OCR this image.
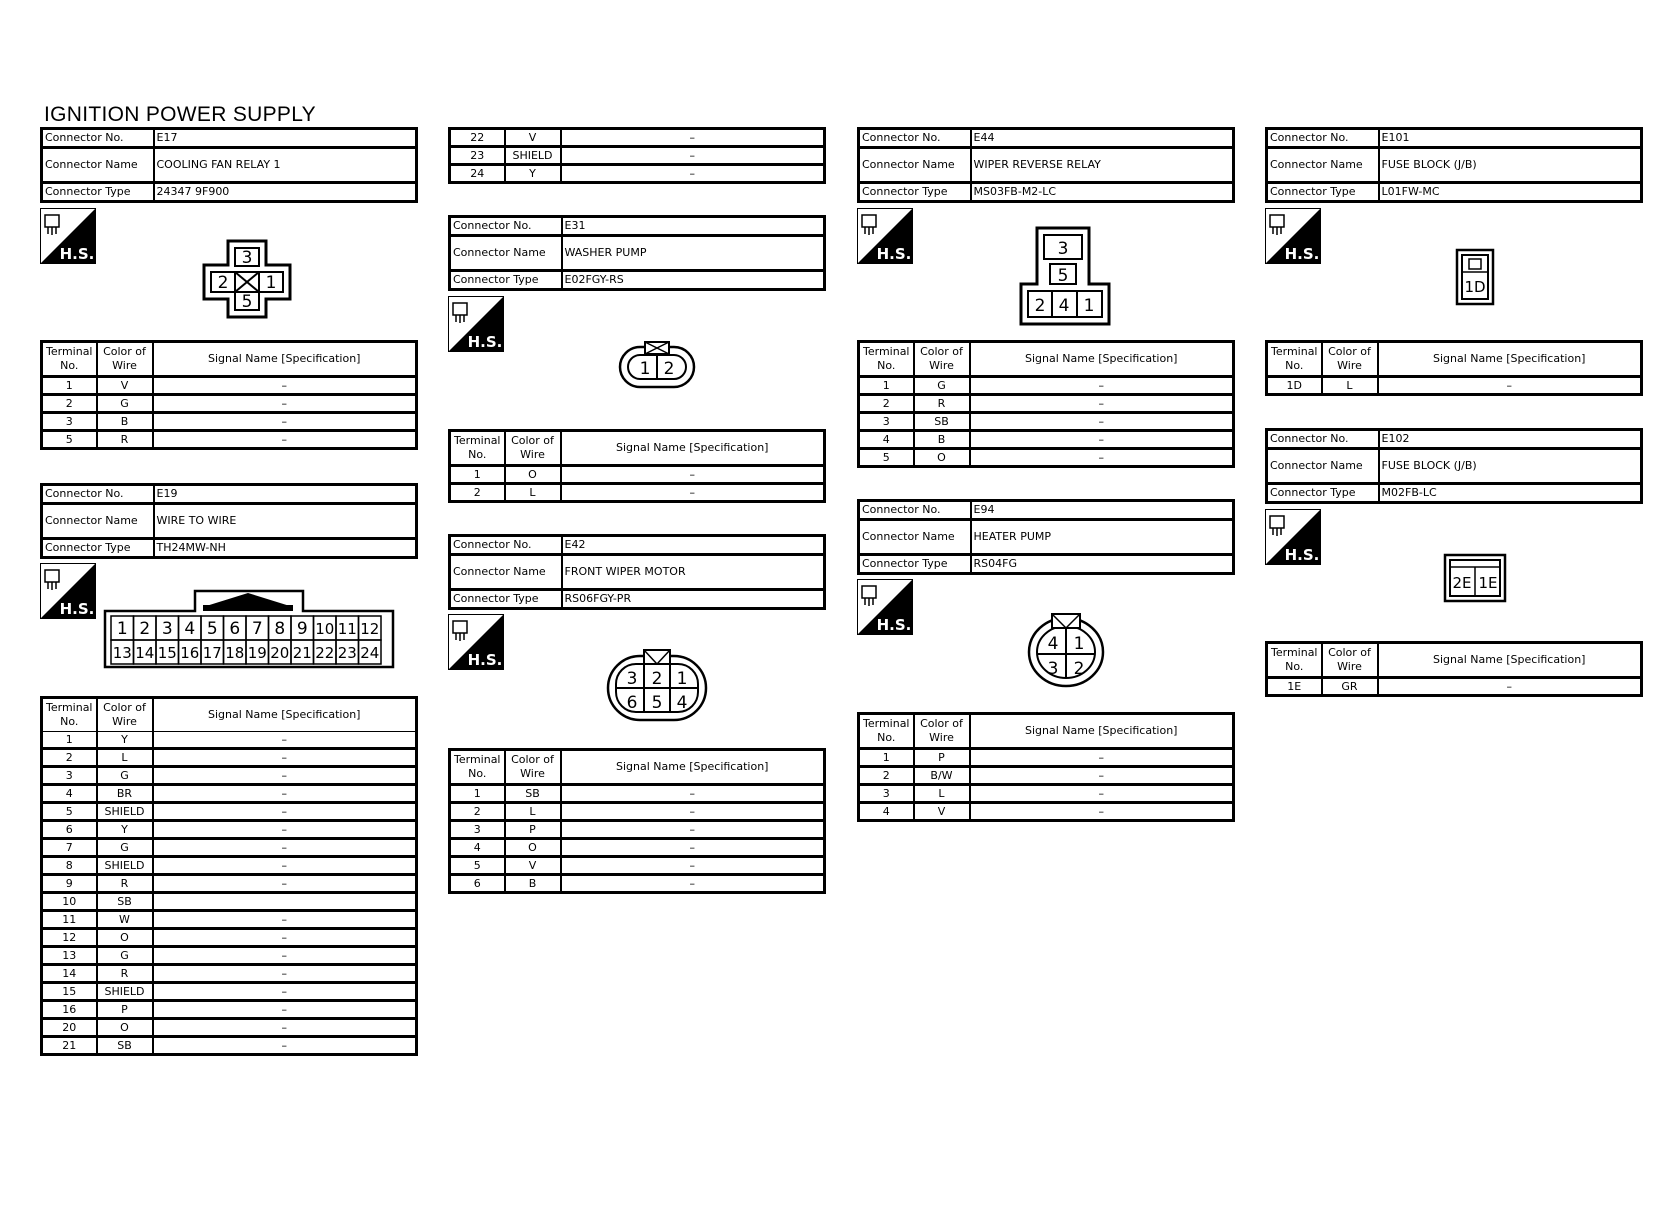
IGNITION POWER SUPPLY
Connector No.	E17
Connector Name	COOLING FAN RELAY 1
Connector Type	24347 9F900
H.S.	3
2 1
5
Terminal No.	Color of Wire	Signal Name [Specification]
1	V	–
2	G	–
3	B	–
5	R	–
Connector No.	E19
Connector Name	WIRE TO WIRE
Connector Type	TH24MW-NH
H.S.
1 2 3 4 5 6 7 8 9 10 11 12
13 14 15 16 17 18 19 20 21 22 23 24
Terminal No.	Color of Wire	Signal Name [Specification]
1	Y	–
2	L	–
3	G	–
4	BR	–
5	SHIELD	–
6	Y	–
7	G	–
8	SHIELD	–
9	R	–
10	SB	
11	W	–
12	O	–
13	G	–
14	R	–
15	SHIELD	–
16	P	–
20	O	–
21	SB	–
22	V	–
23	SHIELD	–
24	Y	–
Connector No.	E31
Connector Name	WASHER PUMP
Connector Type	E02FGY-RS
H.S.
1 2
Terminal No.	Color of Wire	Signal Name [Specification]
1	O	–
2	L	–
Connector No.	E42
Connector Name	FRONT WIPER MOTOR
Connector Type	RS06FGY-PR
H.S.
3 2 1
6 5 4
Terminal No.	Color of Wire	Signal Name [Specification]
1	SB	–
2	L	–
3	P	–
4	O	–
5	V	–
6	B	–
Connector No.	E44
Connector Name	WIPER REVERSE RELAY
Connector Type	MS03FB-M2-LC
H.S.	3
5
2 4 1
Terminal No.	Color of Wire	Signal Name [Specification]
1	G	–
2	R	–
3	SB	–
4	B	–
5	O	–
Connector No.	E94
Connector Name	HEATER PUMP
Connector Type	RS04FG
H.S.
4 1
3 2
Terminal No.	Color of Wire	Signal Name [Specification]
1	P	–
2	B/W	–
3	L	–
4	V	–
Connector No.	E101
Connector Name	FUSE BLOCK (J/B)
Connector Type	L01FW-MC
H.S.
1D
Terminal No.	Color of Wire	Signal Name [Specification]
1D	L	–
Connector No.	E102
Connector Name	FUSE BLOCK (J/B)
Connector Type	M02FB-LC
H.S.
2E 1E
Terminal No.	Color of Wire	Signal Name [Specification]
1E	GR	–
